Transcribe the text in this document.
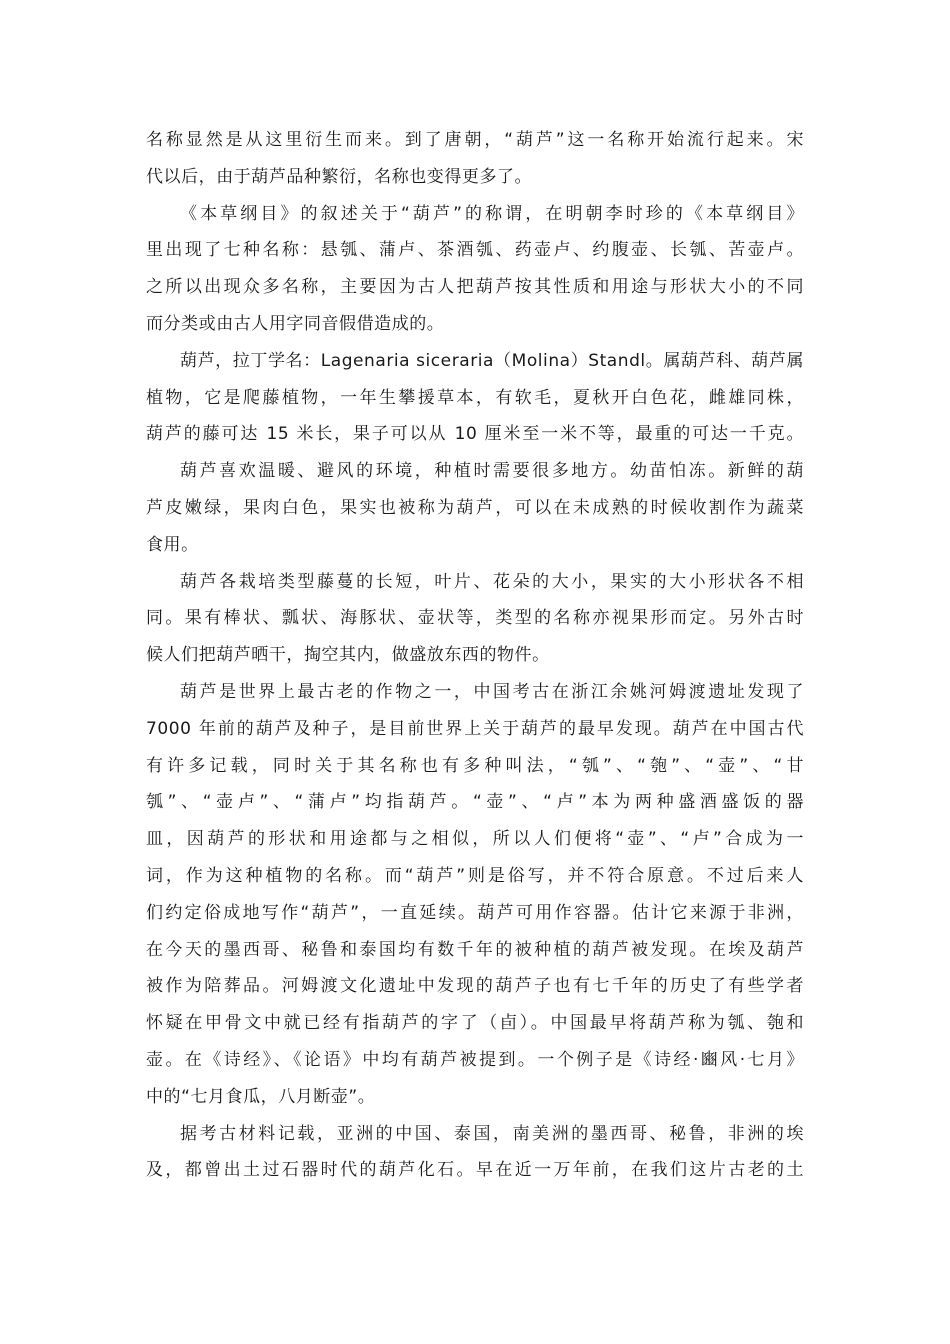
名称显然是从这里衍生而来。到了唐朝，“葫芦”这一名称开始流行起来。宋
代以后，由于葫芦品种繁衍，名称也变得更多了。
《本草纲目》的叙述关于“葫芦”的称谓，在明朝李时珍的《本草纲目》
里出现了七种名称：悬瓠、蒲卢、茶酒瓠、药壶卢、约腹壶、长瓠、苦壶卢。
之所以出现众多名称，主要因为古人把葫芦按其性质和用途与形状大小的不同
而分类或由古人用字同音假借造成的。
葫芦，拉丁学名：Lagenaria siceraria（Molina）Standl。属葫芦科、葫芦属
植物，它是爬藤植物，一年生攀援草本，有软毛，夏秋开白色花，雌雄同株，
葫芦的藤可达 15 米长，果子可以从 10 厘米至一米不等，最重的可达一千克。
葫芦喜欢温暖、避风的环境，种植时需要很多地方。幼苗怕冻。新鲜的葫
芦皮嫩绿，果肉白色，果实也被称为葫芦，可以在未成熟的时候收割作为蔬菜
食用。
葫芦各栽培类型藤蔓的长短，叶片、花朵的大小，果实的大小形状各不相
同。果有棒状、瓢状、海豚状、壶状等，类型的名称亦视果形而定。另外古时
候人们把葫芦晒干，掏空其内，做盛放东西的物件。
葫芦是世界上最古老的作物之一，中国考古在浙江余姚河姆渡遗址发现了
7000 年前的葫芦及种子，是目前世界上关于葫芦的最早发现。葫芦在中国古代
有许多记载，同时关于其名称也有多种叫法，“瓠”、“匏”、“壶”、“甘
瓠”、“壶卢”、“蒲卢”均指葫芦。“壶”、“卢”本为两种盛酒盛饭的器
皿，因葫芦的形状和用途都与之相似，所以人们便将“壶”、“卢”合成为一
词，作为这种植物的名称。而“葫芦”则是俗写，并不符合原意。不过后来人
们约定俗成地写作“葫芦”，一直延续。葫芦可用作容器。估计它来源于非洲，
在今天的墨西哥、秘鲁和泰国均有数千年的被种植的葫芦被发现。在埃及葫芦
被作为陪葬品。河姆渡文化遗址中发现的葫芦子也有七千年的历史了有些学者
怀疑在甲骨文中就已经有指葫芦的字了（卣）。中国最早将葫芦称为瓠、匏和
壶。在《诗经》、《论语》中均有葫芦被提到。一个例子是《诗经·豳风·七月》
中的“七月食瓜，八月断壶”。
据考古材料记载，亚洲的中国、泰国，南美洲的墨西哥、秘鲁，非洲的埃
及，都曾出土过石器时代的葫芦化石。早在近一万年前，在我们这片古老的土
